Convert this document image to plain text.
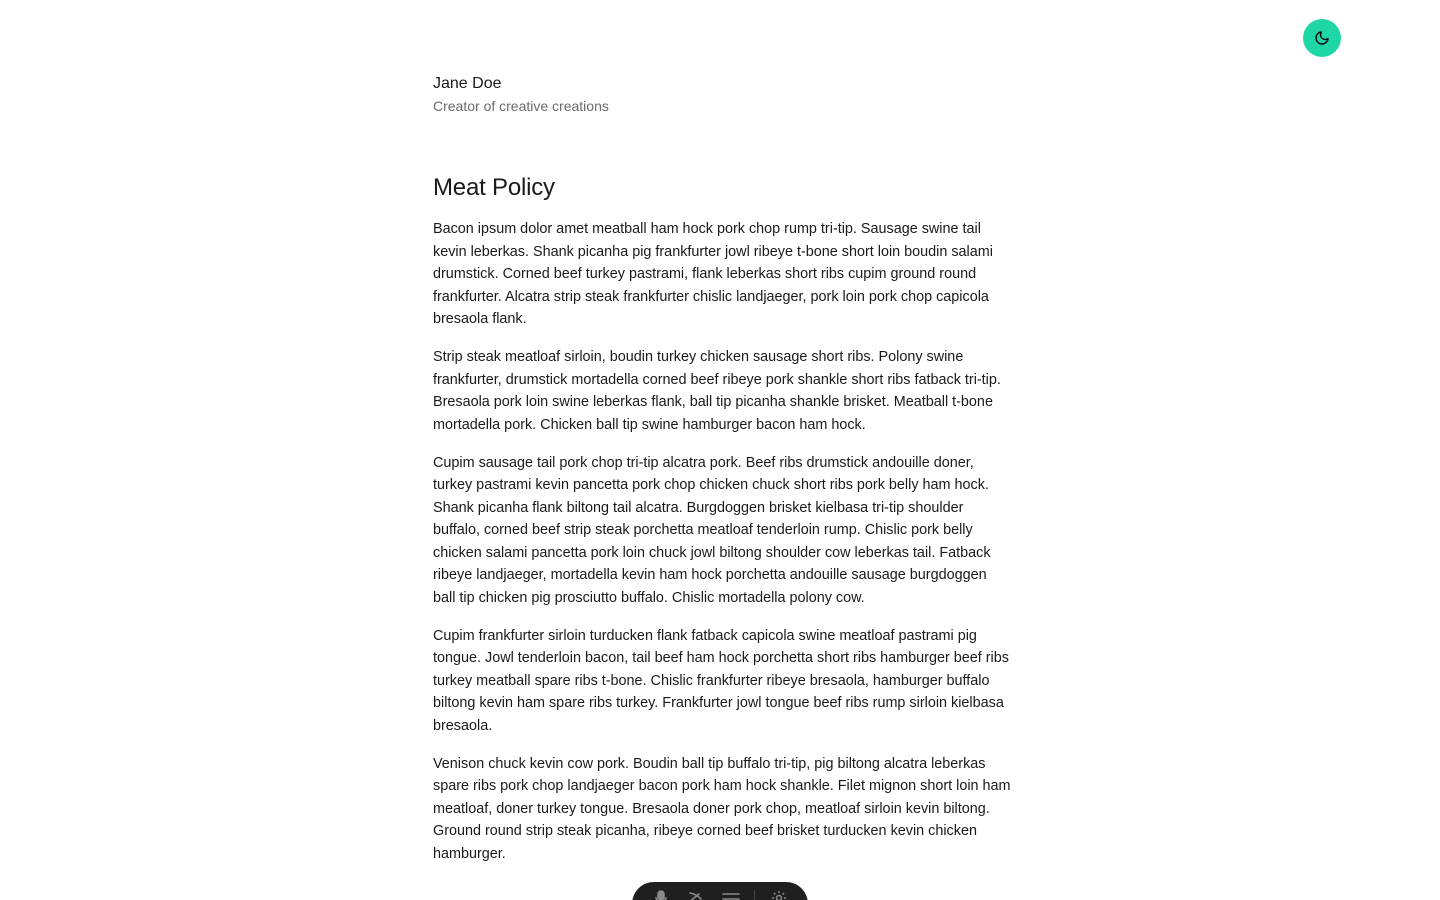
Jane Doe

Creator of creative creations

Meat Policy

Bacon ipsum dolor amet meatball ham hock pork chop rump tri-tip. Sausage swine tail kevin leberkas. Shank picanha pig frankfurter jowl ribeye t-bone short loin boudin salami drumstick. Corned beef turkey pastrami, flank leberkas short ribs cupim ground round frankfurter. Alcatra strip steak frankfurter chislic landjaeger, pork loin pork chop capicola bresaola flank.

Strip steak meatloaf sirloin, boudin turkey chicken sausage short ribs. Polony swine frankfurter, drumstick mortadella corned beef ribeye pork shankle short ribs fatback tri-tip. Bresaola pork loin swine leberkas flank, ball tip picanha shankle brisket. Meatball t-bone mortadella pork. Chicken ball tip swine hamburger bacon ham hock.

Cupim sausage tail pork chop tri-tip alcatra pork. Beef ribs drumstick andouille doner, turkey pastrami kevin pancetta pork chop chicken chuck short ribs pork belly ham hock. Shank picanha flank biltong tail alcatra. Burgdoggen brisket kielbasa tri-tip shoulder buffalo, corned beef strip steak porchetta meatloaf tenderloin rump. Chislic pork belly chicken salami pancetta pork loin chuck jowl biltong shoulder cow leberkas tail. Fatback ribeye landjaeger, mortadella kevin ham hock porchetta andouille sausage burgdoggen ball tip chicken pig prosciutto buffalo. Chislic mortadella polony cow.

Cupim frankfurter sirloin turducken flank fatback capicola swine meatloaf pastrami pig tongue. Jowl tenderloin bacon, tail beef ham hock porchetta short ribs hamburger beef ribs turkey meatball spare ribs t-bone. Chislic frankfurter ribeye bresaola, hamburger buffalo biltong kevin ham spare ribs turkey. Frankfurter jowl tongue beef ribs rump sirloin kielbasa bresaola.

Venison chuck kevin cow pork. Boudin ball tip buffalo tri-tip, pig biltong alcatra leberkas spare ribs pork chop landjaeger bacon pork ham hock shankle. Filet mignon short loin ham meatloaf, doner turkey tongue. Bresaola doner pork chop, meatloaf sirloin kevin biltong. Ground round strip steak picanha, ribeye corned beef brisket turducken kevin chicken hamburger.
